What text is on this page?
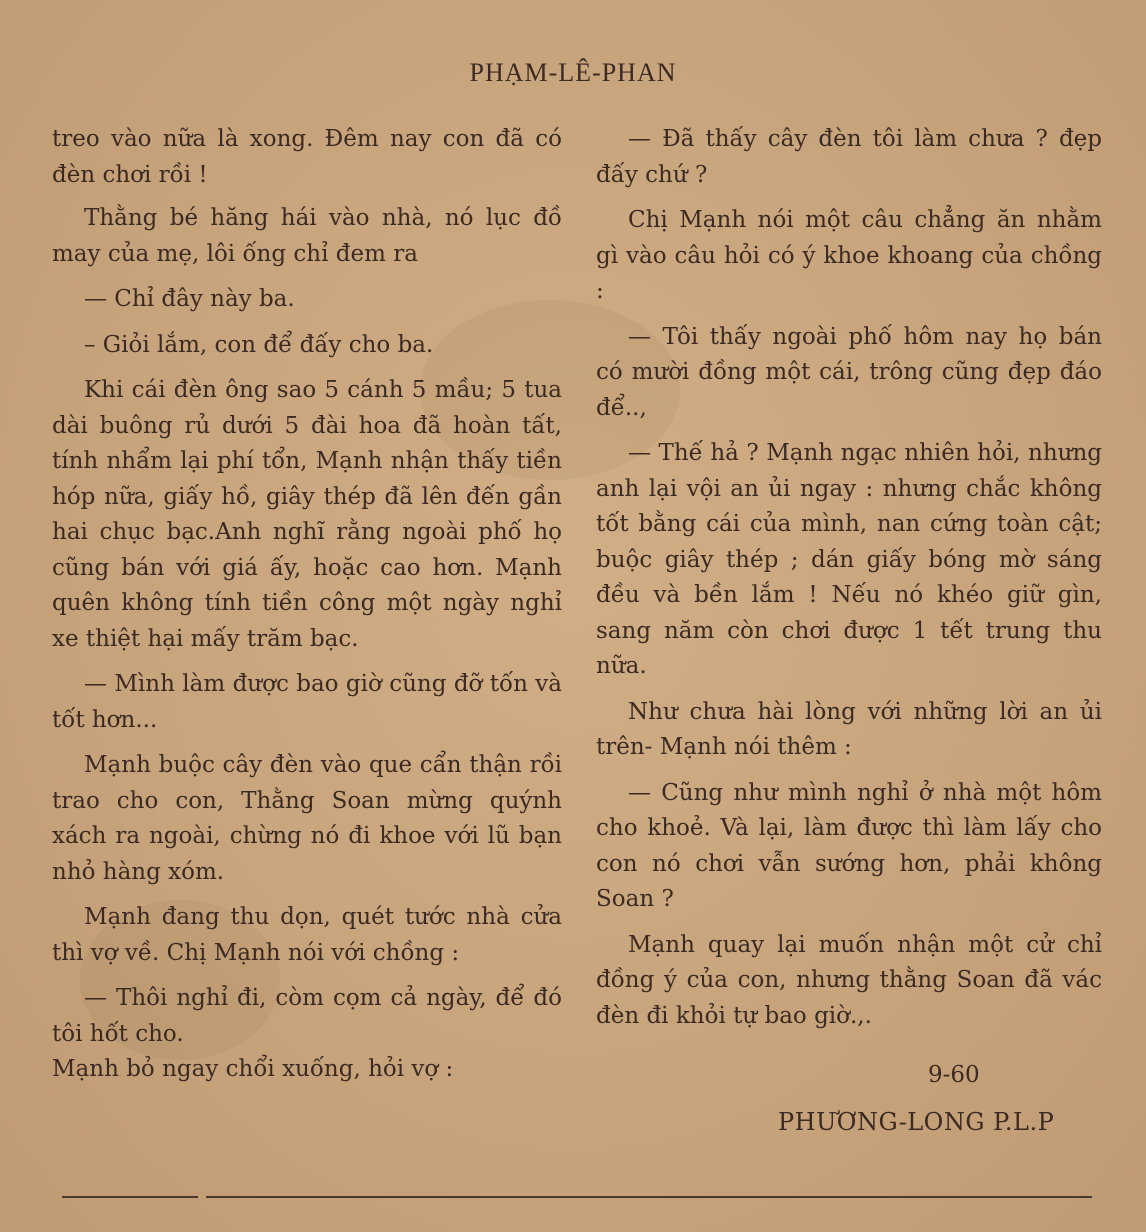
PHẠM-LÊ-PHAN

treo vào nữa là xong. Đêm nay con đã có đèn chơi rồi !

Thằng bé hăng hái vào nhà, nó lục đồ may của mẹ, lôi ống chỉ đem ra

— Chỉ đây này ba.

– Giỏi lắm, con để đấy cho ba.

Khi cái đèn ông sao 5 cánh 5 mầu; 5 tua dài buông rủ dưới 5 đài hoa đã hoàn tất, tính nhẩm lại phí tổn, Mạnh nhận thấy tiền hóp nữa, giấy hồ, giây thép đã lên đến gần hai chục bạc.Anh nghĩ rằng ngoài phố họ cũng bán với giá ấy, hoặc cao hơn. Mạnh quên không tính tiền công một ngày nghỉ xe thiệt hại mấy trăm bạc.

— Mình làm được bao giờ cũng đỡ tốn và tốt hơn...

Mạnh buộc cây đèn vào que cẩn thận rồi trao cho con, Thằng Soan mừng quýnh xách ra ngoài, chừng nó đi khoe với lũ bạn nhỏ hàng xóm.

Mạnh đang thu dọn, quét tước nhà cửa thì vợ về. Chị Mạnh nói với chồng :

— Thôi nghỉ đi, còm cọm cả ngày, để đó tôi hốt cho.

Mạnh bỏ ngay chổi xuống, hỏi vợ :

— Đã thấy cây đèn tôi làm chưa ? đẹp đấy chứ ?

Chị Mạnh nói một câu chẳng ăn nhằm gì vào câu hỏi có ý khoe khoang của chồng :

— Tôi thấy ngoài phố hôm nay họ bán có mười đồng một cái, trông cũng đẹp đáo để..,

— Thế hả ? Mạnh ngạc nhiên hỏi, nhưng anh lại vội an ủi ngay : nhưng chắc không tốt bằng cái của mình, nan cứng toàn cật; buộc giây thép ; dán giấy bóng mờ sáng đều và bền lắm ! Nếu nó khéo giữ gìn, sang năm còn chơi được 1 tết trung thu nữa.

Như chưa hài lòng với những lời an ủi trên- Mạnh nói thêm :

— Cũng như mình nghỉ ở nhà một hôm cho khoẻ. Và lại, làm được thì làm lấy cho con nó chơi vẫn sướng hơn, phải không Soan ?

Mạnh quay lại muốn nhận một cử chỉ đồng ý của con, nhưng thằng Soan đã vác đèn đi khỏi tự bao giờ.,.

9-60
PHƯƠNG-LONG P.L.P
